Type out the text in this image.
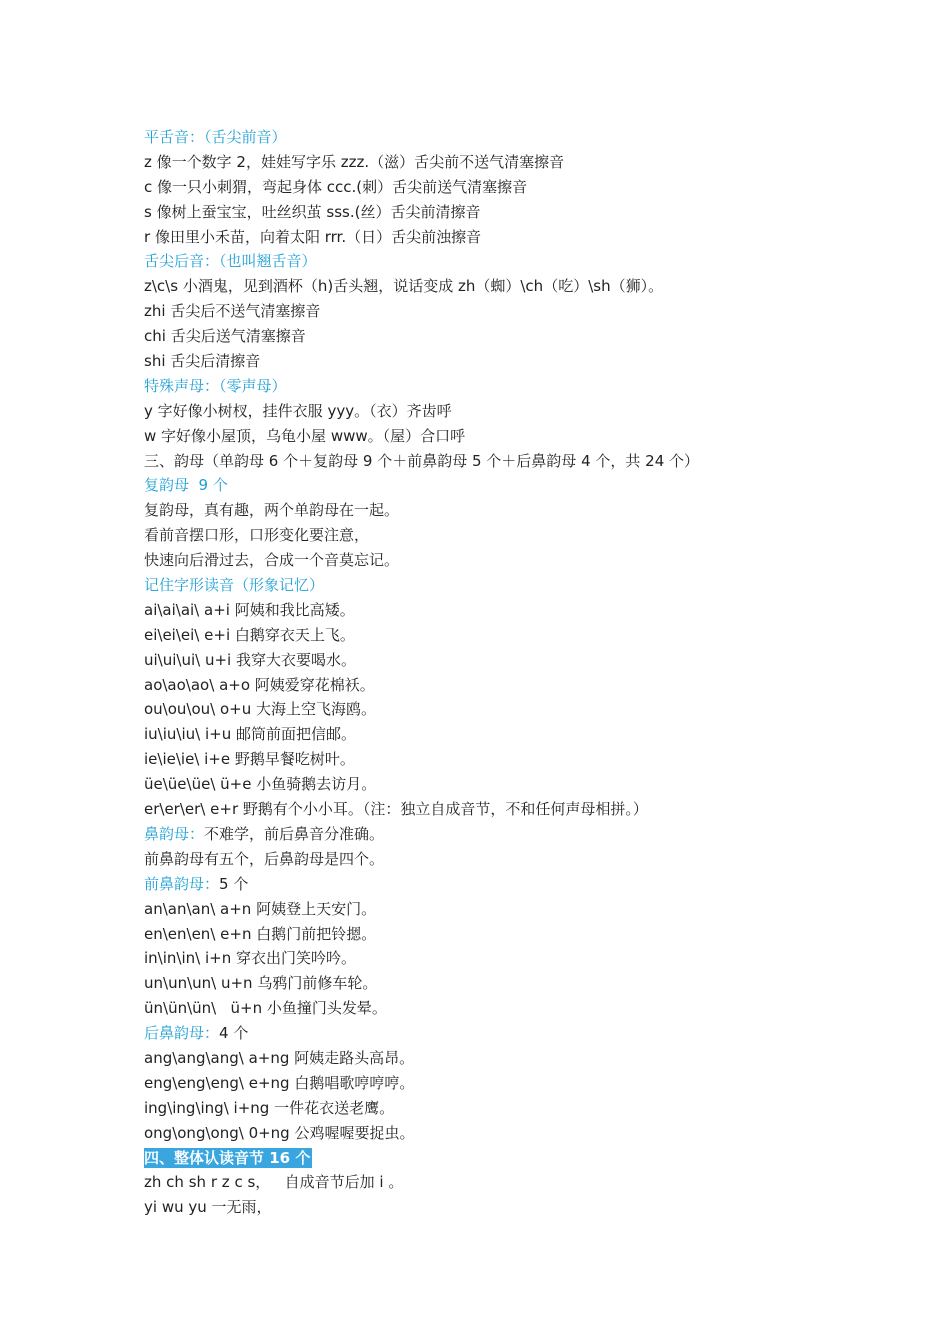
平舌音：（舌尖前音）
z 像一个数字 2，娃娃写字乐 zzz.（滋）舌尖前不送气清塞擦音
c 像一只小刺猬，弯起身体 ccc.(刺）舌尖前送气清塞擦音
s 像树上蚕宝宝，吐丝织茧 sss.(丝）舌尖前清擦音
r 像田里小禾苗，向着太阳 rrr.（日）舌尖前浊擦音
舌尖后音：（也叫翘舌音）
z\c\s 小酒鬼，见到酒杯（h)舌头翘，说话变成 zh（蜘）\ch（吃）\sh（狮）。
zhi 舌尖后不送气清塞擦音
chi 舌尖后送气清塞擦音
shi 舌尖后清擦音
特殊声母：（零声母）
y 字好像小树杈，挂件衣服 yyy。（衣）齐齿呼
w 字好像小屋顶，乌龟小屋 www。（屋）合口呼
三、韵母（单韵母 6 个＋复韵母 9 个＋前鼻韵母 5 个＋后鼻韵母 4 个，共 24 个）
复韵母  9 个
复韵母，真有趣，两个单韵母在一起。
看前音摆口形，口形变化要注意，
快速向后滑过去，合成一个音莫忘记。
记住字形读音（形象记忆）
ai\ai\ai\ a+i 阿姨和我比高矮。
ei\ei\ei\ e+i 白鹅穿衣天上飞。
ui\ui\ui\ u+i 我穿大衣要喝水。
ao\ao\ao\ a+o 阿姨爱穿花棉袄。
ou\ou\ou\ o+u 大海上空飞海鸥。
iu\iu\iu\ i+u 邮筒前面把信邮。
ie\ie\ie\ i+e 野鹅早餐吃树叶。
üe\üe\üe\ ü+e 小鱼骑鹅去访月。
er\er\er\ e+r 野鹅有个小小耳。（注：独立自成音节，不和任何声母相拼。）
鼻韵母：不难学，前后鼻音分准确。
前鼻韵母有五个，后鼻韵母是四个。
前鼻韵母：5 个
an\an\an\ a+n 阿姨登上天安门。
en\en\en\ e+n 白鹅门前把铃摁。
in\in\in\ i+n 穿衣出门笑吟吟。
un\un\un\ u+n 乌鸦门前修车轮。
ün\ün\ün\ ü+n 小鱼撞门头发晕。
后鼻韵母：4 个
ang\ang\ang\ a+ng 阿姨走路头高昂。
eng\eng\eng\ e+ng 白鹅唱歌哼哼哼。
ing\ing\ing\ i+ng 一件花衣送老鹰。
ong\ong\ong\ 0+ng 公鸡喔喔要捉虫。
四、整体认读音节 16 个
zh ch sh r z c s，   自成音节后加 i 。
yi wu yu 一无雨，
